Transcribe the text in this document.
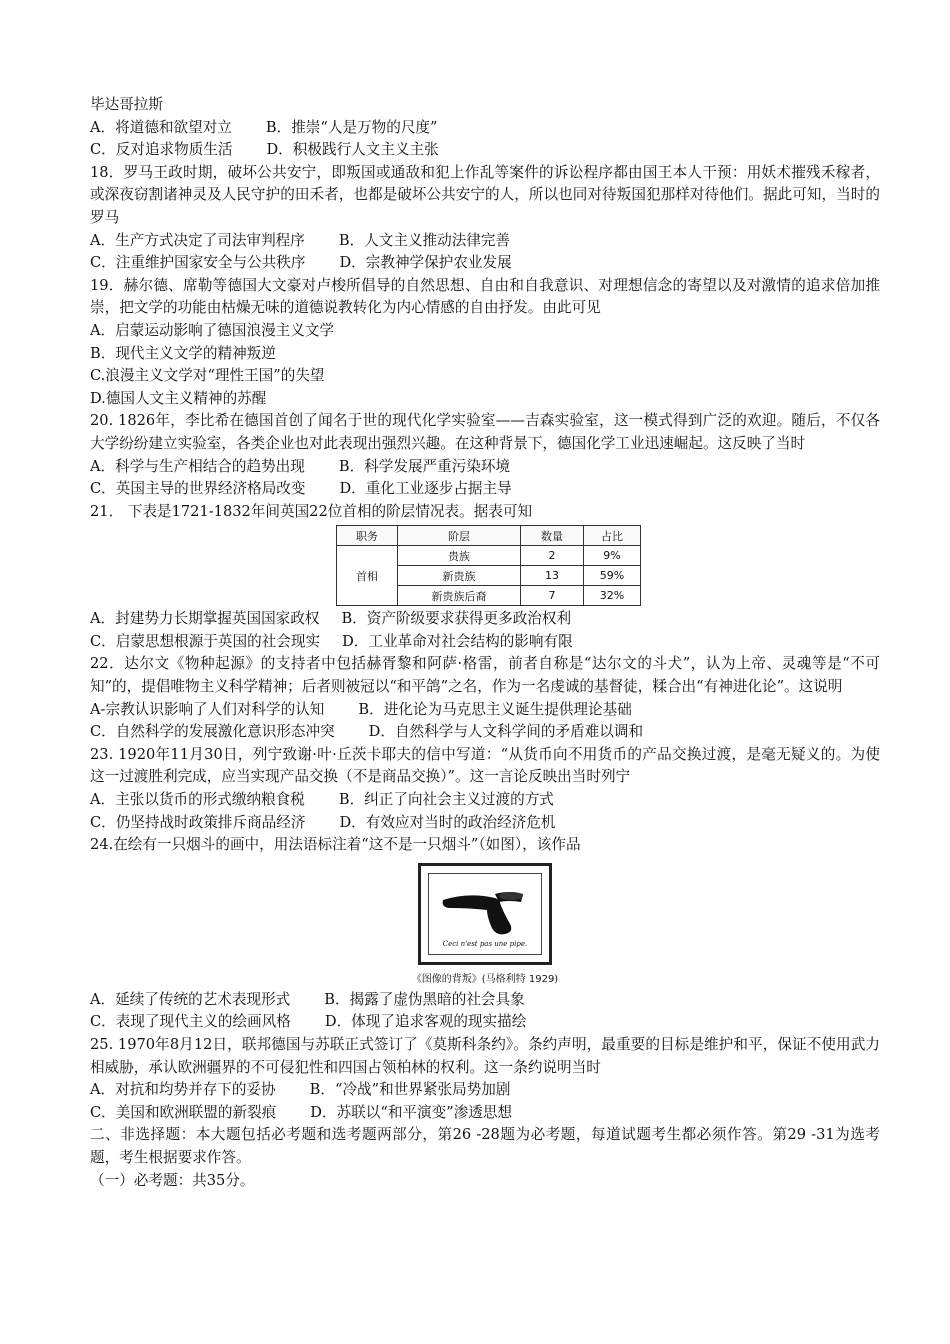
毕达哥拉斯
A．将道德和欲望对立 B．推崇“人是万物的尺度”
C．反对追求物质生活 D．积极践行人文主义主张
18．罗马王政时期，破坏公共安宁，即叛国或通敌和犯上作乱等案件的诉讼程序都由国王本人干预：用妖术摧残禾稼者，或深夜窃割诸神灵及人民守护的田禾者，也都是破坏公共安宁的人，所以也同对待叛国犯那样对待他们。据此可知，当时的罗马
A．生产方式决定了司法审判程序 B．人文主义推动法律完善
C．注重维护国家安全与公共秩序 D．宗教神学保护农业发展
19．赫尔德、席勒等德国大文豪对卢梭所倡导的自然思想、自由和自我意识、对理想信念的寄望以及对激情的追求倍加推崇，把文学的功能由枯燥无味的道德说教转化为内心情感的自由抒发。由此可见
A．启蒙运动影响了德国浪漫主义文学
B．现代主义文学的精神叛逆
C.浪漫主义文学对“理性王国”的失望
D.德国人文主义精神的苏醒
20. 1826年，李比希在德国首创了闻名于世的现代化学实验室——吉森实验室，这一模式得到广泛的欢迎。随后，不仅各大学纷纷建立实验室，各类企业也对此表现出强烈兴趣。在这种背景下，德国化学工业迅速崛起。这反映了当时
A．科学与生产相结合的趋势出现 B．科学发展严重污染环境
C．英国主导的世界经济格局改变 D．重化工业逐步占据主导
21． 下表是1721-1832年间英国22位首相的阶层情况表。据表可知
职务	阶层	数量	占比
首相	贵族	2	9%
	新贵族	13	59%
	新贵族后裔	7	32%
A．封建势力长期掌握英国国家政权 B．资产阶级要求获得更多政治权利
C．启蒙思想根源于英国的社会现实 D．工业革命对社会结构的影响有限
22．达尔文《物种起源》的支持者中包括赫胥黎和阿萨·格雷，前者自称是“达尔文的斗犬”，认为上帝、灵魂等是“不可知”的，提倡唯物主义科学精神；后者则被冠以“和平鸽”之名，作为一名虔诚的基督徒，糅合出“有神进化论”。这说明
A-宗教认识影响了人们对科学的认知 B．进化论为马克思主义诞生提供理论基础
C．自然科学的发展激化意识形态冲突 D．自然科学与人文科学间的矛盾难以调和
23. 1920年11月30日，列宁致谢·叶·丘茨卡耶夫的信中写道：“从货币向不用货币的产品交换过渡，是毫无疑义的。为使这一过渡胜利完成，应当实现产品交换（不是商品交换）”。这一言论反映出当时列宁
A．主张以货币的形式缴纳粮食税 B．纠正了向社会主义过渡的方式
C．仍坚持战时政策排斥商品经济 D．有效应对当时的政治经济危机
24.在绘有一只烟斗的画中，用法语标注着“这不是一只烟斗”（如图），该作品
Ceci n'est pas une pipe.
《图像的背叛》(马格利特 1929)
A．延续了传统的艺术表现形式 B．揭露了虚伪黑暗的社会具象
C．表现了现代主义的绘画风格 D．体现了追求客观的现实描绘
25. 1970年8月12日，联邦德国与苏联正式签订了《莫斯科条约》。条约声明，最重要的目标是维护和平，保证不使用武力相威胁，承认欧洲疆界的不可侵犯性和四国占领柏林的权利。这一条约说明当时
A．对抗和均势并存下的妥协 B．“冷战”和世界紧张局势加剧
C．美国和欧洲联盟的新裂痕 D．苏联以“和平演变”渗透思想
二、非选择题：本大题包括必考题和选考题两部分，第26 -28题为必考题，每道试题考生都必须作答。第29 -31为选考题，考生根据要求作答。
（一）必考题：共35分。
